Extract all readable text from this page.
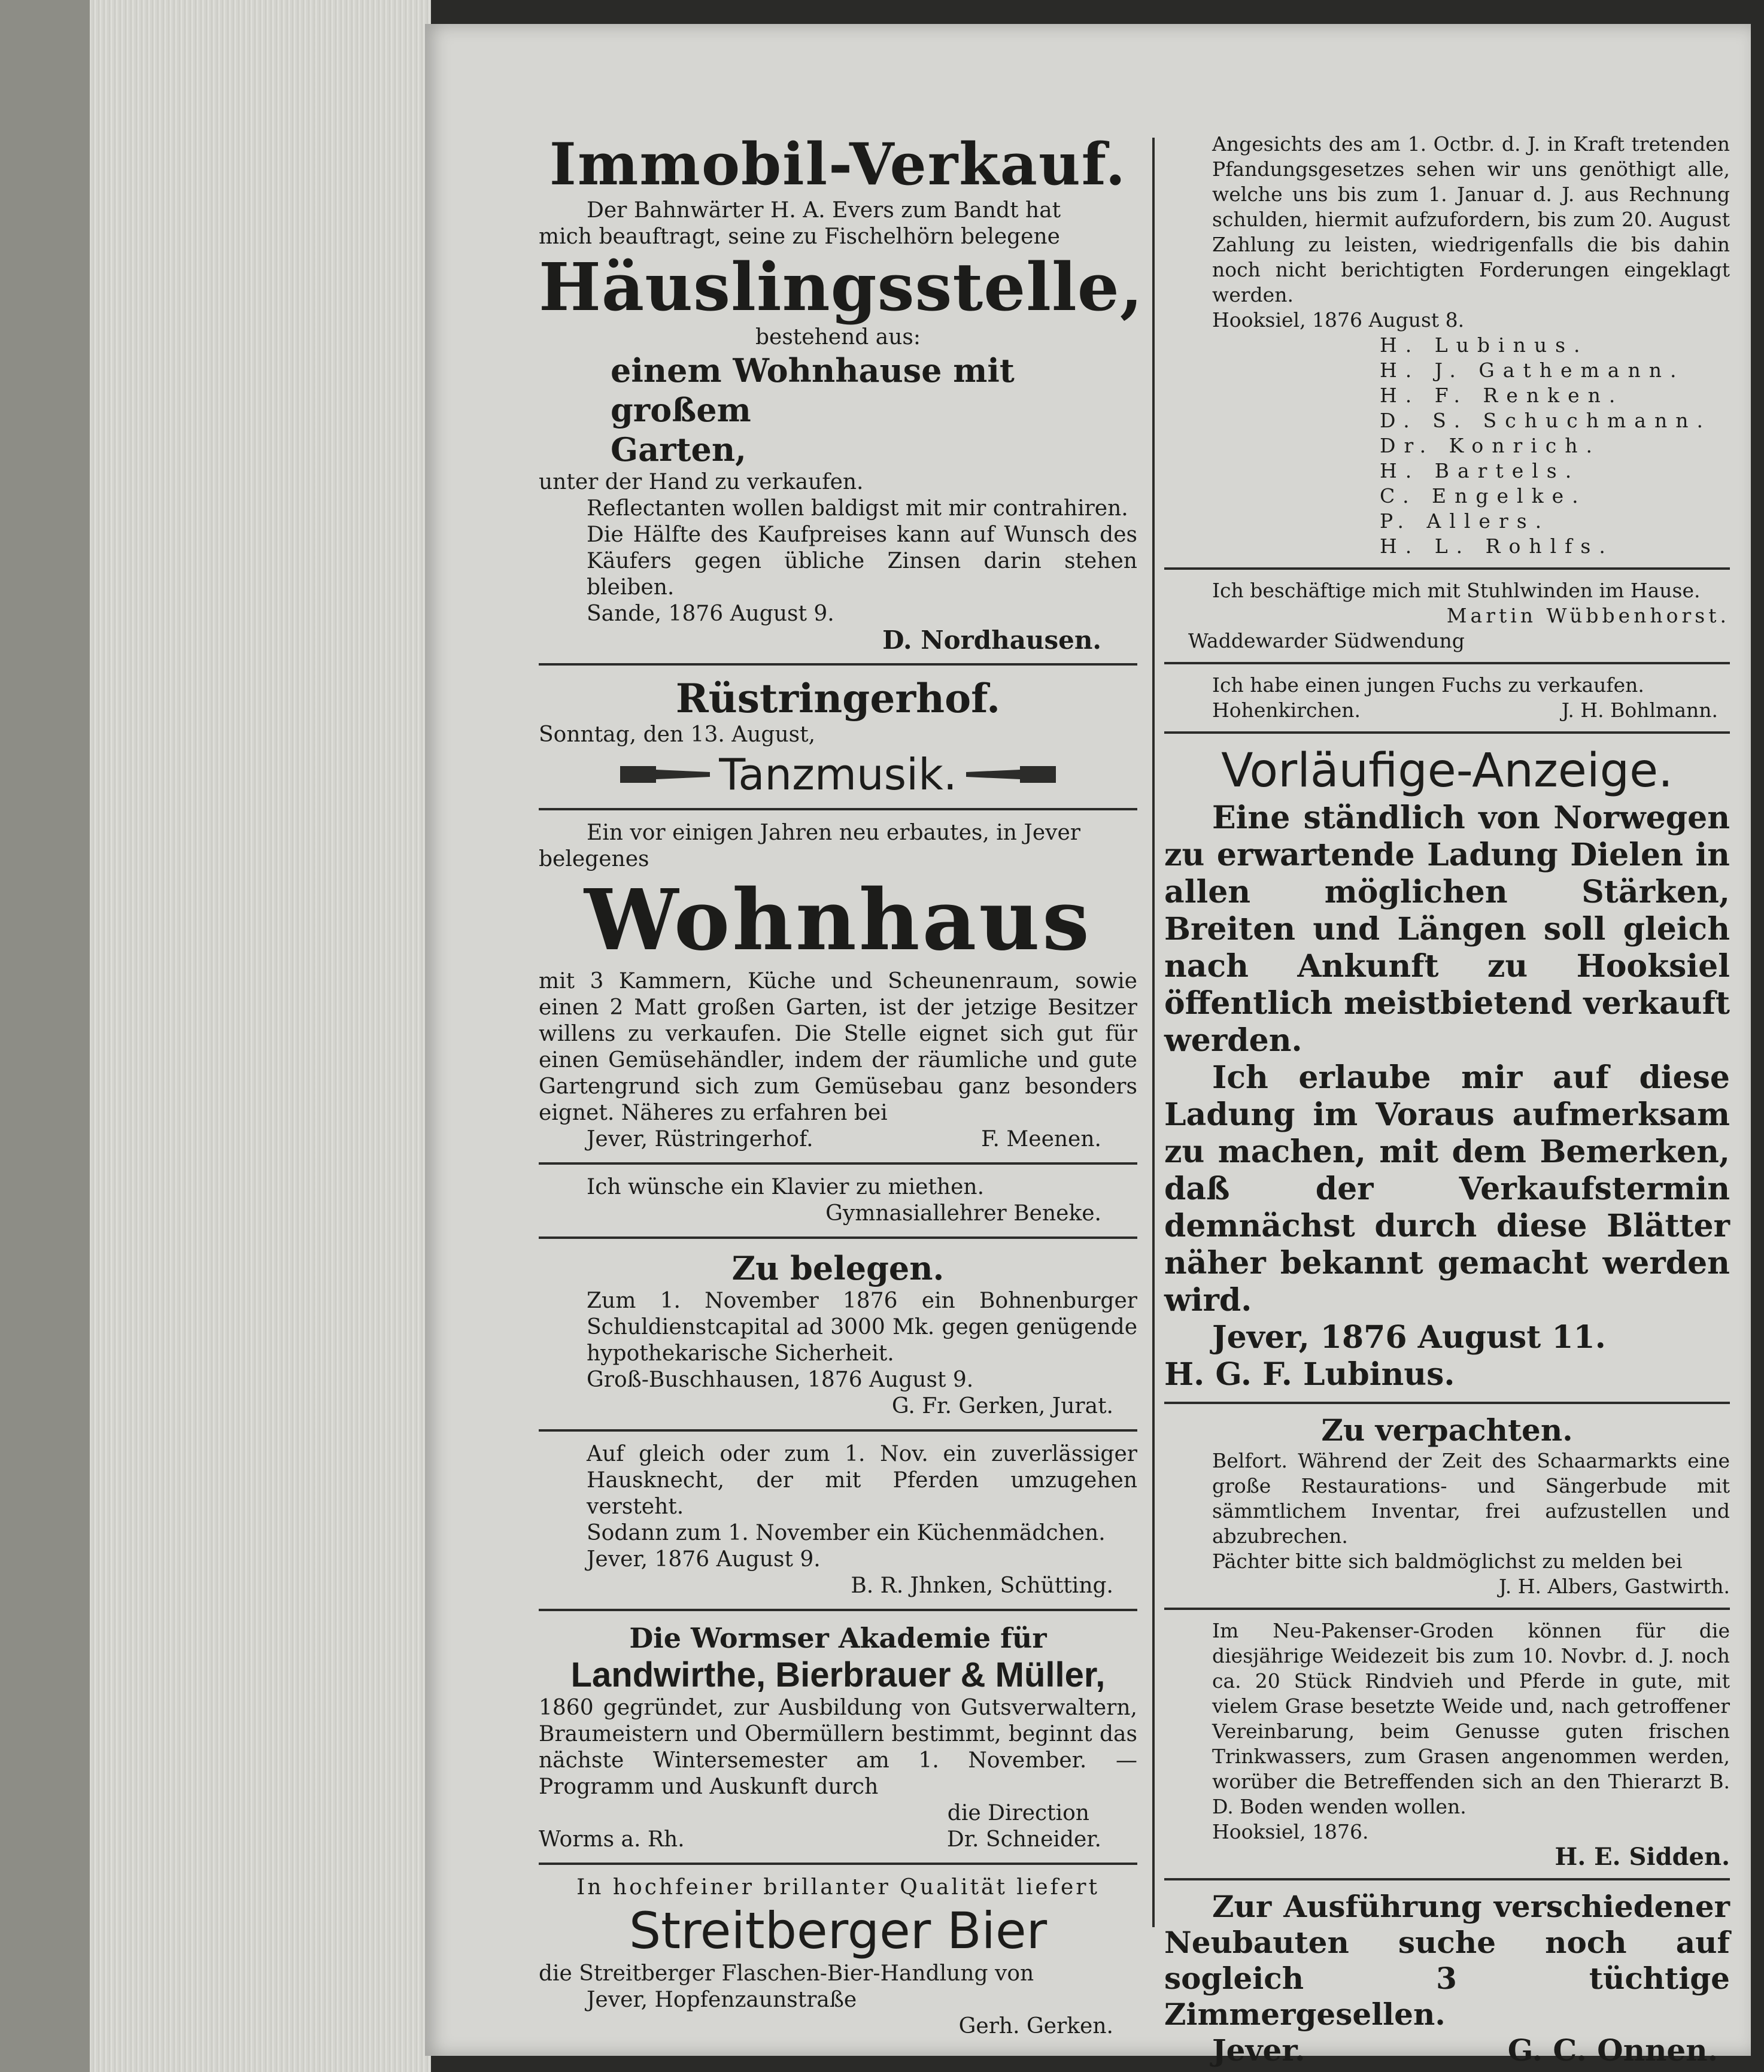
Immobil-Verkauf.

Der Bahnwärter H. A. Evers zum Bandt hat

mich beauftragt, seine zu Fischelhörn belegene

Häuslingsstelle,

bestehend aus:

einem Wohnhause mit großem

Garten,

unter der Hand zu verkaufen.

Reflectanten wollen baldigst mit mir contrahiren.

Die Hälfte des Kaufpreises kann auf Wunsch des Käufers gegen übliche Zinsen darin stehen bleiben.

Sande, 1876 August 9.

D. Nordhausen.

Rüstringerhof.

Sonntag, den 13. August,

Tanzmusik.

Ein vor einigen Jahren neu erbautes, in Jever

belegenes

Wohnhaus

mit 3 Kammern, Küche und Scheunenraum, sowie einen 2 Matt großen Garten, ist der jetzige Besitzer willens zu verkaufen. Die Stelle eignet sich gut für einen Gemüsehändler, indem der räumliche und gute Gartengrund sich zum Gemüsebau ganz besonders eignet. Näheres zu erfahren bei

Jever, Rüstringerhof.	F. Meenen.

Ich wünsche ein Klavier zu miethen.

Gymnasiallehrer Beneke.

Zu belegen.

Zum 1. November 1876 ein Bohnenburger Schuldienstcapital ad 3000 Mk. gegen genügende hypothekarische Sicherheit.

Groß-Buschhausen, 1876 August 9.

G. Fr. Gerken, Jurat.

Auf gleich oder zum 1. Nov. ein zuverlässiger Hausknecht, der mit Pferden umzugehen versteht.

Sodann zum 1. November ein Küchenmädchen.

Jever, 1876 August 9.

B. R. Jhnken, Schütting.

Die Wormser Akademie für

Landwirthe, Bierbrauer & Müller,

1860 gegründet, zur Ausbildung von Gutsverwaltern, Braumeistern und Obermüllern bestimmt, beginnt das nächste Wintersemester am 1. November. — Programm und Auskunft durch

die Direction

Worms a. Rh.	Dr. Schneider.

In hochfeiner brillanter Qualität liefert

Streitberger Bier

die Streitberger Flaschen-Bier-Handlung von

Jever, Hopfenzaunstraße

Gerh. Gerken.

Angesichts des am 1. Octbr. d. J. in Kraft tretenden Pfandungsgesetzes sehen wir uns genöthigt alle, welche uns bis zum 1. Januar d. J. aus Rechnung schulden, hiermit aufzufordern, bis zum 20. August Zahlung zu leisten, wiedrigenfalls die bis dahin noch nicht berichtigten Forderungen eingeklagt werden.

Hooksiel, 1876 August 8.

H. Lubinus.

H. J. Gathemann.

H. F. Renken.

D. S. Schuchmann.

Dr. Konrich.

H. Bartels.

C. Engelke.

P. Allers.

H. L. Rohlfs.

Ich beschäftige mich mit Stuhlwinden im Hause.

Martin Wübbenhorst.

Waddewarder Südwendung

Ich habe einen jungen Fuchs zu verkaufen.

Hohenkirchen.	J. H. Bohlmann.

Vorläufige-Anzeige.

Eine ständlich von Norwegen zu erwartende Ladung Dielen in allen möglichen Stärken, Breiten und Längen soll gleich nach Ankunft zu Hooksiel öffentlich meistbietend verkauft werden.

Ich erlaube mir auf diese Ladung im Voraus aufmerksam zu machen, mit dem Bemerken, daß der Verkaufstermin demnächst durch diese Blätter näher bekannt gemacht werden wird.

Jever, 1876 August 11.

H. G. F. Lubinus.

Zu verpachten.

Belfort. Während der Zeit des Schaarmarkts eine große Restaurations- und Sängerbude mit sämmtlichem Inventar, frei aufzustellen und abzubrechen.

Pächter bitte sich baldmöglichst zu melden bei

J. H. Albers, Gastwirth.

Im Neu-Pakenser-Groden können für die diesjährige Weidezeit bis zum 10. Novbr. d. J. noch ca. 20 Stück Rindvieh und Pferde in gute, mit vielem Grase besetzte Weide und, nach getroffener Vereinbarung, beim Genusse guten frischen Trinkwassers, zum Grasen angenommen werden, worüber die Betreffenden sich an den Thierarzt B. D. Boden wenden wollen.

Hooksiel, 1876.

H. E. Sidden.

Zur Ausführung verschiedener Neubauten suche noch auf sogleich 3 tüchtige Zimmergesellen.

Jever.	G. C. Onnen.
